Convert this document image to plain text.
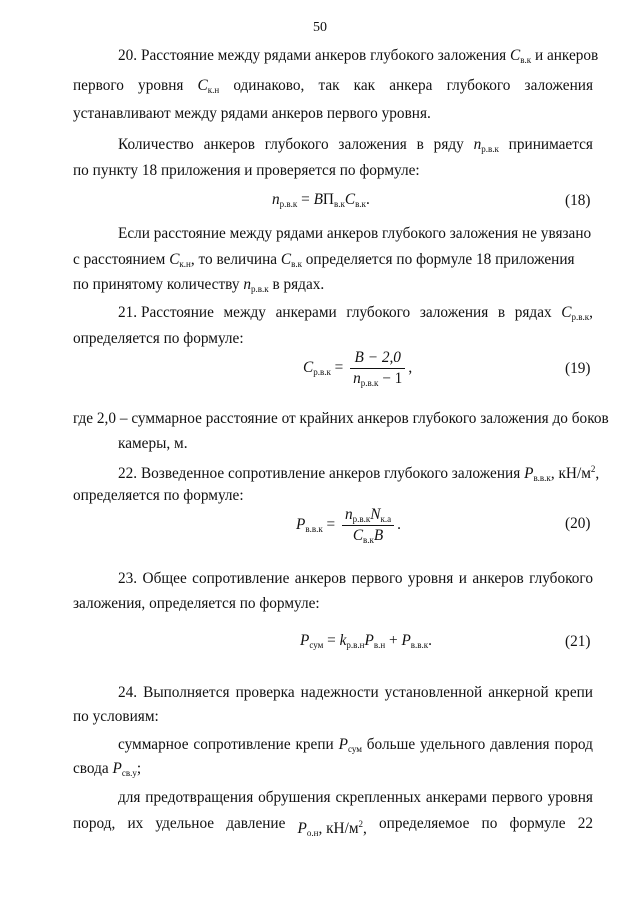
50
20. Расстояние между рядами анкеров глубокого заложения $С_{в.к}$ и анкеров
первого уровня $С_{к.н}$ одинаково, так как анкера глубокого заложения
устанавливают между рядами анкеров первого уровня.
Количество анкеров глубокого заложения в ряду $n_{р.в.к}$ принимается
по пункту 18 приложения и проверяется по формуле:
$n_{р.в.к} = ВП_{в.к}С_{в.к}$.	(18)
Если расстояние между рядами анкеров глубокого заложения не увязано
с расстоянием $С_{к.н}$, то величина $С_{в.к}$ определяется по формуле 18 приложения
по принятому количеству $n_{р.в.к}$ в рядах.
21. Расстояние между анкерами глубокого заложения в рядах $С_{р.в.к}$,
определяется по формуле:
$С_{р.в.к} = \frac{В - 2,0}{n_{р.в.к} - 1}$ ,	(19)
где 2,0 – суммарное расстояние от крайних анкеров глубокого заложения до боков
камеры, м.
22. Возведенное сопротивление анкеров глубокого заложения $Р_{в.в.к}$, $кН/м^2$,
определяется по формуле:
$Р_{в.в.к} = \frac{n_{р.в.к}N_{к.а}}{С_{в.к}В}$ .	(20)
23. Общее сопротивление анкеров первого уровня и анкеров глубокого
заложения, определяется по формуле:
$Р_{сум} = k_{р.в.н}Р_{в.н} + Р_{в.в.к}$.	(21)
24. Выполняется проверка надежности установленной анкерной крепи
по условиям:
суммарное сопротивление крепи $Р_{сум}$ больше удельного давления пород
свода $Р_{св.у}$;
для предотвращения обрушения скрепленных анкерами первого уровня
пород, их удельное давление $Р_{о.н}$, $кН/м^2$, определяемое по формуле 22
